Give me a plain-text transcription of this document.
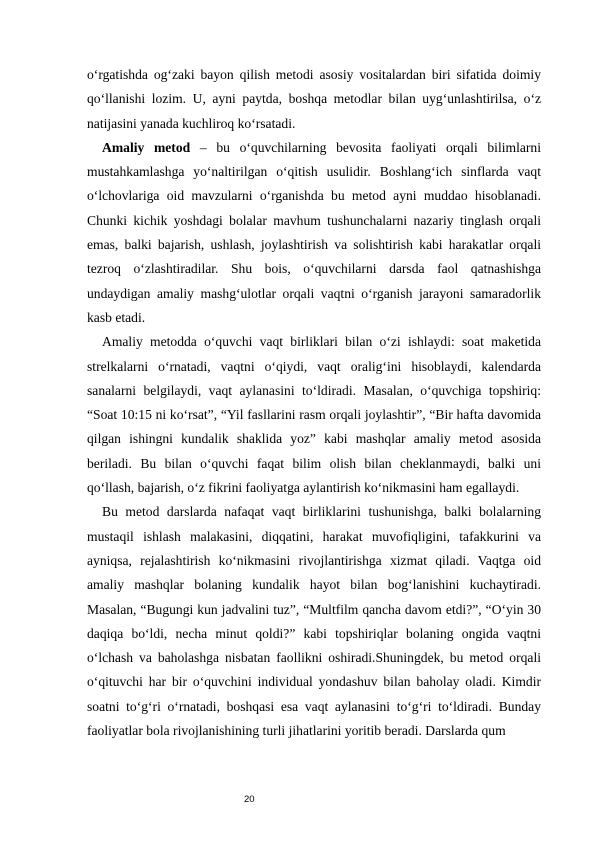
o‘rgatishda og‘zaki bayon qilish metodi asosiy vositalardan biri sifatida doimiy qo‘llanishi lozim. U, ayni paytda, boshqa metodlar bilan uyg‘unlashtirilsa, o‘z natijasini yanada kuchliroq ko‘rsatadi.

Amaliy metod – bu o‘quvchilarning bevosita faoliyati orqali bilimlarni mustahkamlashga yo‘naltirilgan o‘qitish usulidir. Boshlang‘ich sinflarda vaqt o‘lchovlariga oid mavzularni o‘rganishda bu metod ayni muddao hisoblanadi. Chunki kichik yoshdagi bolalar mavhum tushunchalarni nazariy tinglash orqali emas, balki bajarish, ushlash, joylashtirish va solishtirish kabi harakatlar orqali tezroq o‘zlashtiradilar. Shu bois, o‘quvchilarni darsda faol qatnashishga undaydigan amaliy mashg‘ulotlar orqali vaqtni o‘rganish jarayoni samaradorlik kasb etadi.

Amaliy metodda o‘quvchi vaqt birliklari bilan o‘zi ishlaydi: soat maketida strelkalarni o‘rnatadi, vaqtni o‘qiydi, vaqt oralig‘ini hisoblaydi, kalendarda sanalarni belgilaydi, vaqt aylanasini to‘ldiradi. Masalan, o‘quvchiga topshiriq: “Soat 10:15 ni ko‘rsat”, “Yil fasllarini rasm orqali joylashtir”, “Bir hafta davomida qilgan ishingni kundalik shaklida yoz” kabi mashqlar amaliy metod asosida beriladi. Bu bilan o‘quvchi faqat bilim olish bilan cheklanmaydi, balki uni qo‘llash, bajarish, o‘z fikrini faoliyatga aylantirish ko‘nikmasini ham egallaydi.

Bu metod darslarda nafaqat vaqt birliklarini tushunishga, balki bolalarning mustaqil ishlash malakasini, diqqatini, harakat muvofiqligini, tafakkurini va ayniqsa, rejalashtirish ko‘nikmasini rivojlantirishga xizmat qiladi. Vaqtga oid amaliy mashqlar bolaning kundalik hayot bilan bog‘lanishini kuchaytiradi. Masalan, “Bugungi kun jadvalini tuz”, “Multfilm qancha davom etdi?”, “O‘yin 30 daqiqa bo‘ldi, necha minut qoldi?” kabi topshiriqlar bolaning ongida vaqtni o‘lchash va baholashga nisbatan faollikni oshiradi.Shuningdek, bu metod orqali o‘qituvchi har bir o‘quvchini individual yondashuv bilan baholay oladi. Kimdir soatni to‘g‘ri o‘rnatadi, boshqasi esa vaqt aylanasini to‘g‘ri to‘ldiradi. Bunday faoliyatlar bola rivojlanishining turli jihatlarini yoritib beradi. Darslarda qum

20
